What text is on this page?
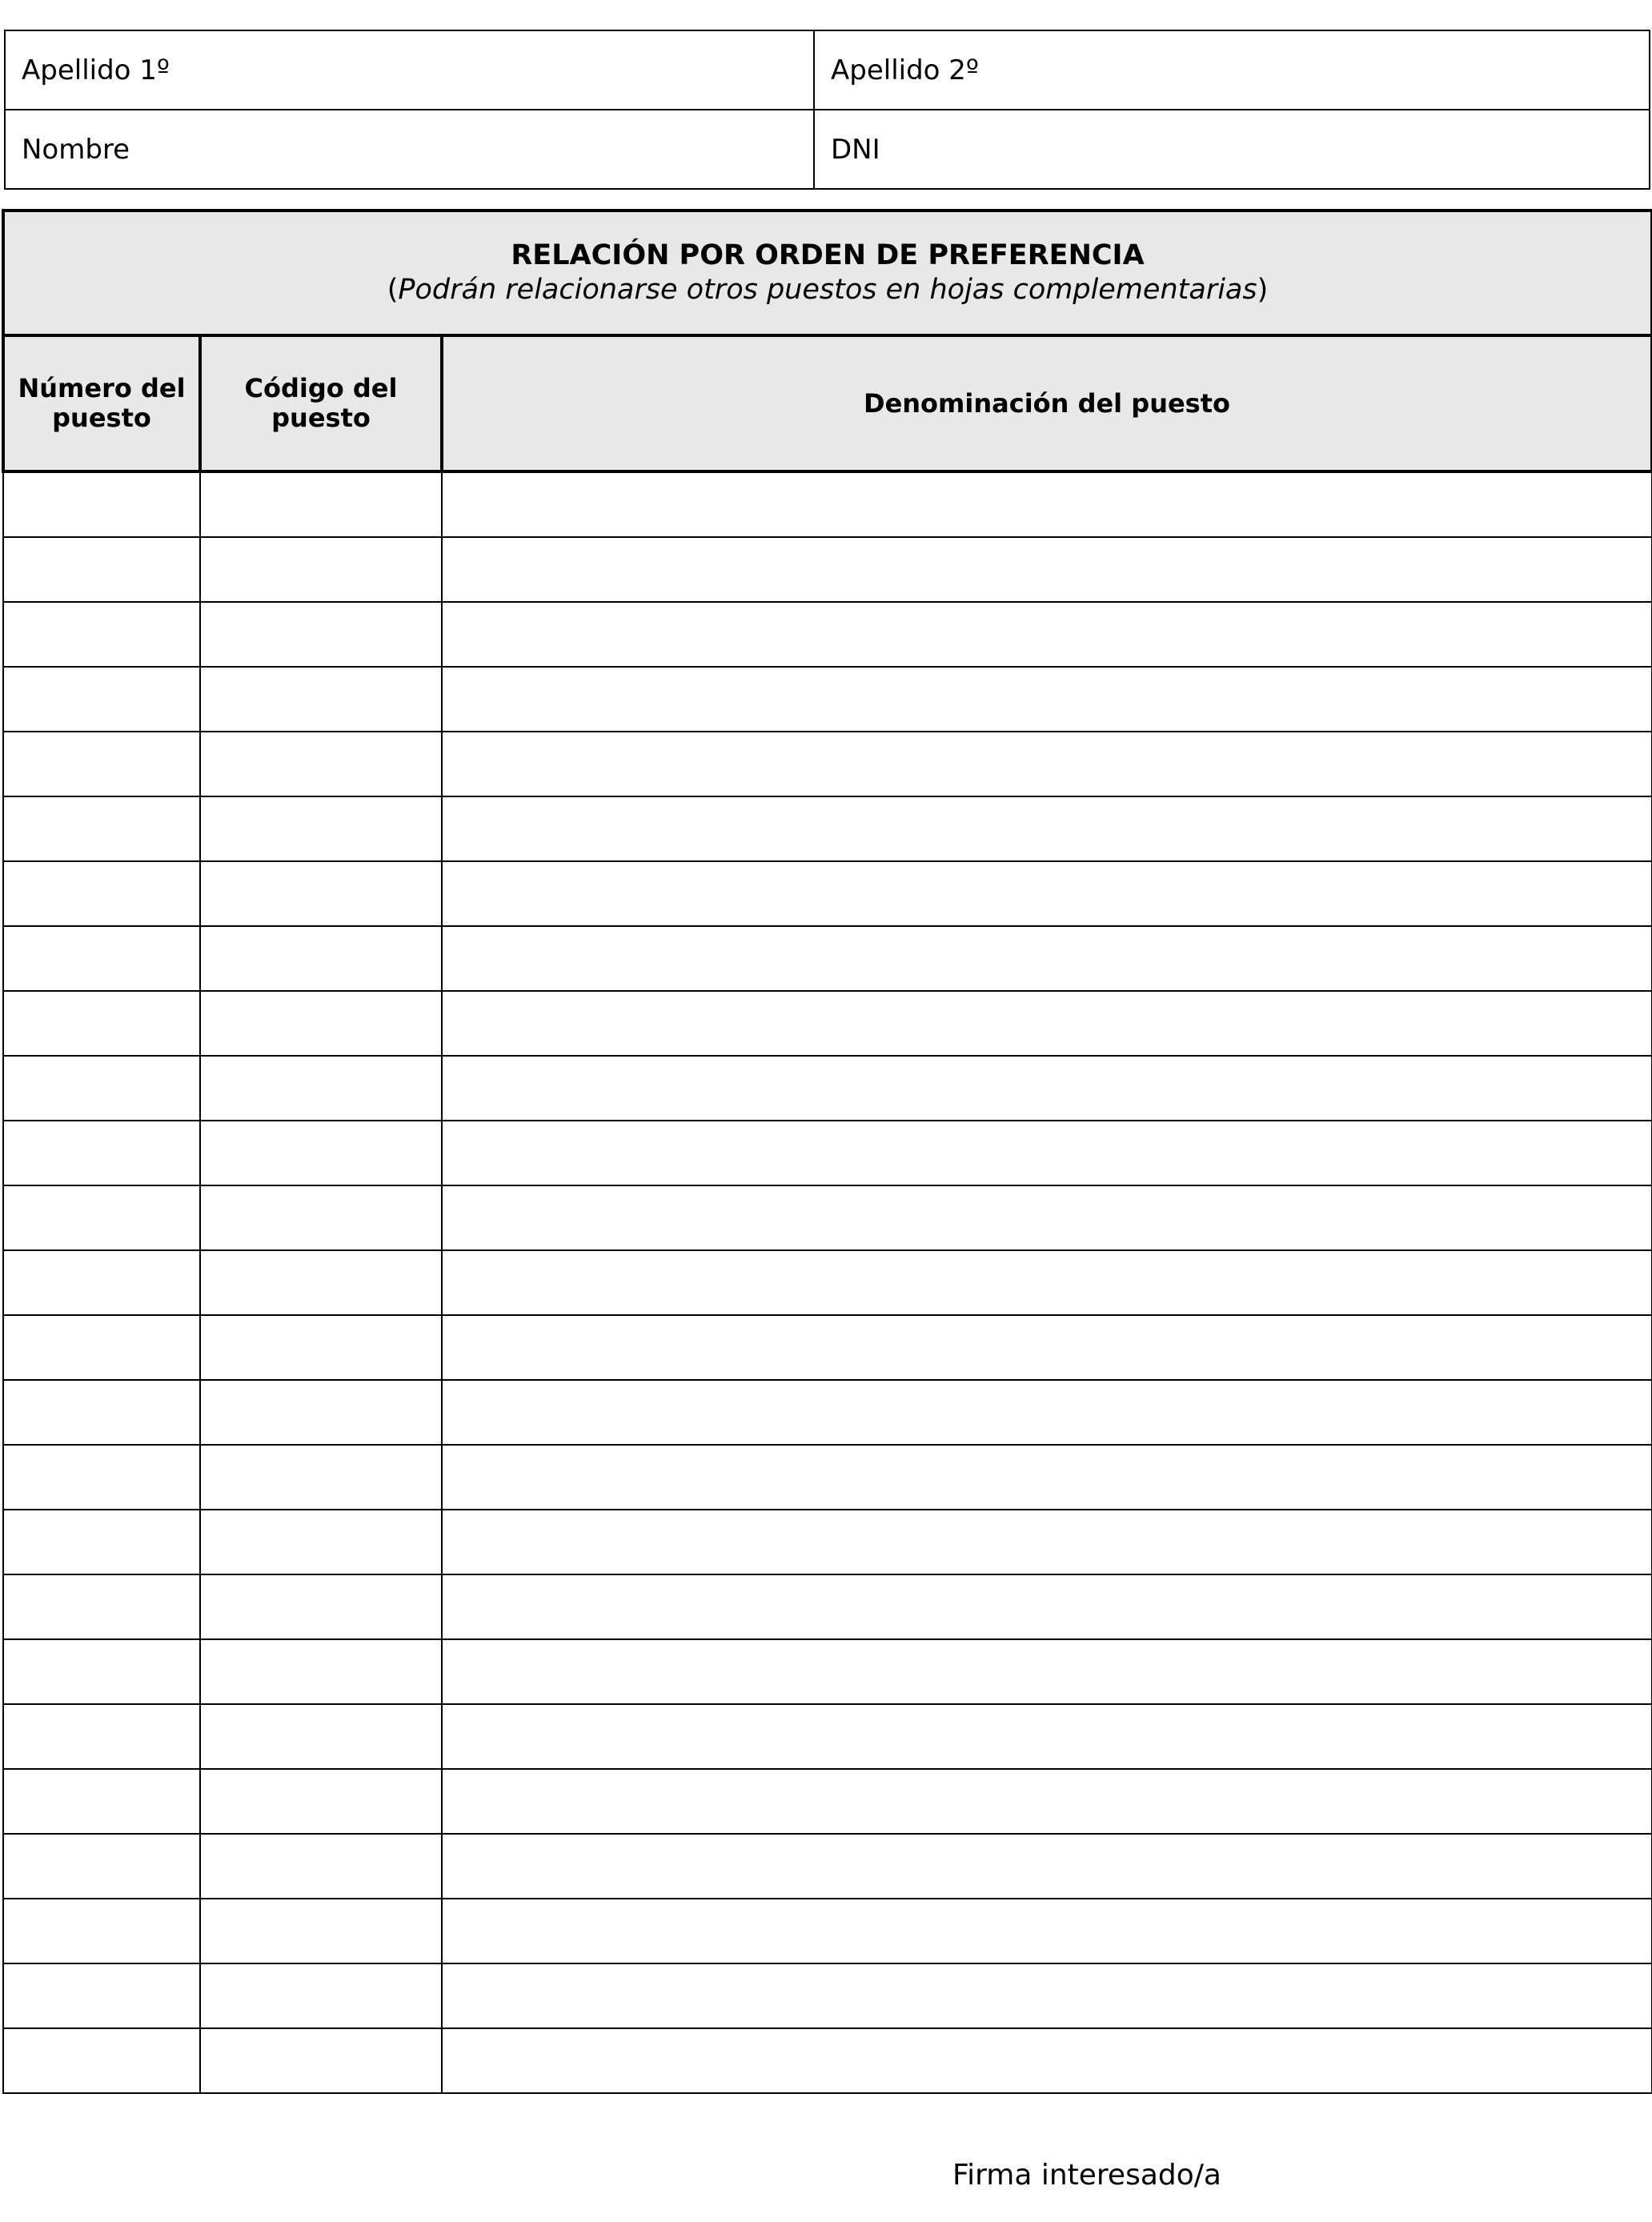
Apellido 1º	Apellido 2º
Nombre	DNI
RELACIÓN POR ORDEN DE PREFERENCIA
(Podrán relacionarse otros puestos en hojas complementarias)		

Número del puesto	Código del puesto	Denominación del puesto

Firma interesado/a
